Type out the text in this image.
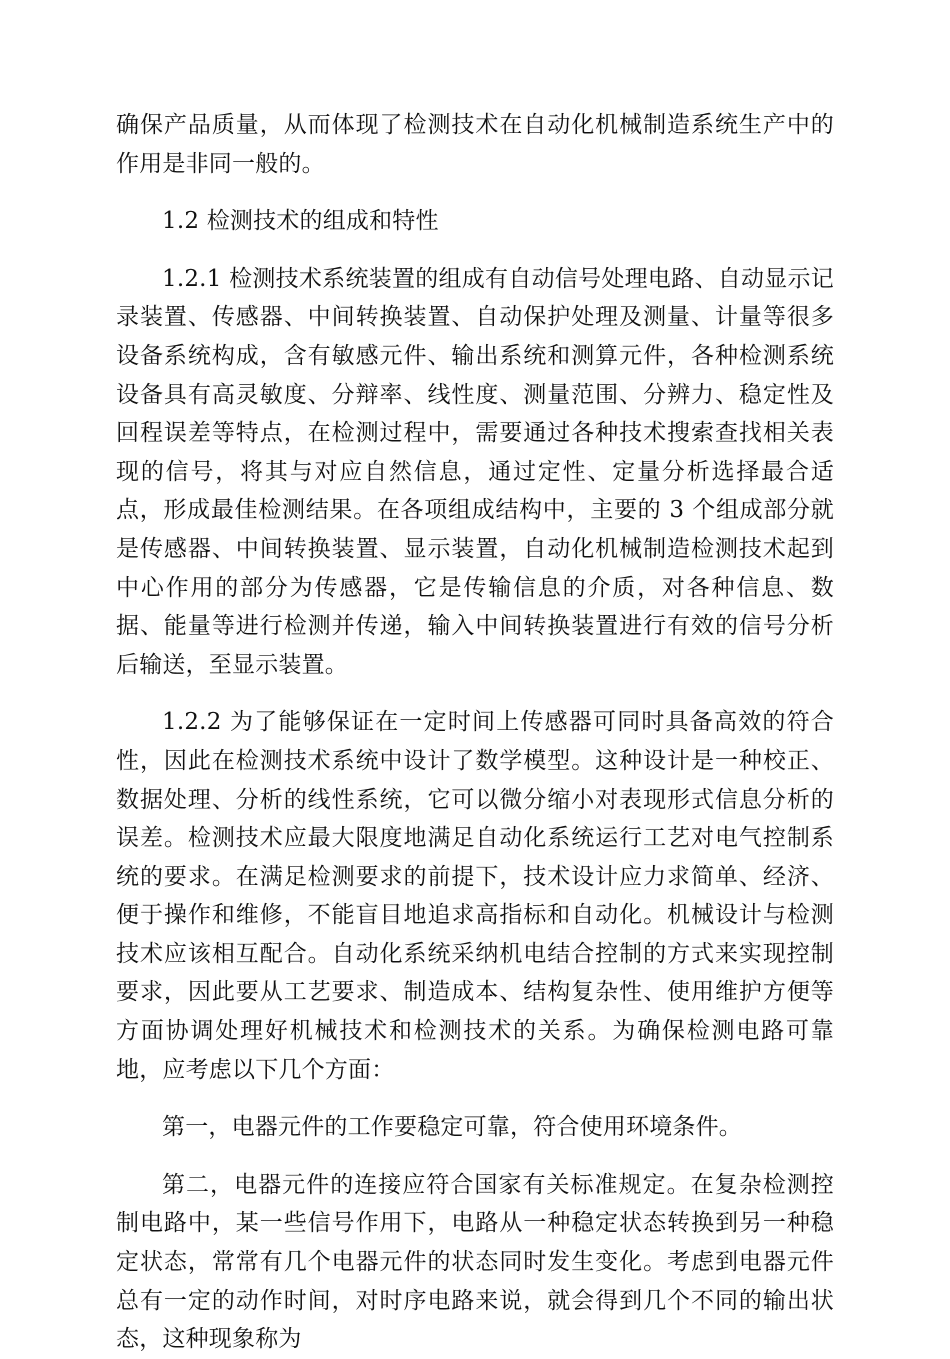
确保产品质量，从而体现了检测技术在自动化机械制造系统生产中的作用是非同一般的。

1.2 检测技术的组成和特性

1.2.1 检测技术系统装置的组成有自动信号处理电路、自动显示记录装置、传感器、中间转换装置、自动保护处理及测量、计量等很多设备系统构成，含有敏感元件、输出系统和测算元件，各种检测系统设备具有高灵敏度、分辩率、线性度、测量范围、分辨力、稳定性及回程误差等特点，在检测过程中，需要通过各种技术搜索查找相关表现的信号，将其与对应自然信息，通过定性、定量分析选择最合适点，形成最佳检测结果。在各项组成结构中，主要的 3 个组成部分就是传感器、中间转换装置、显示装置，自动化机械制造检测技术起到中心作用的部分为传感器，它是传输信息的介质，对各种信息、数据、能量等进行检测并传递，输入中间转换装置进行有效的信号分析后输送，至显示装置。

1.2.2 为了能够保证在一定时间上传感器可同时具备高效的符合性，因此在检测技术系统中设计了数学模型。这种设计是一种校正、数据处理、分析的线性系统，它可以微分缩小对表现形式信息分析的误差。检测技术应最大限度地满足自动化系统运行工艺对电气控制系统的要求。在满足检测要求的前提下，技术设计应力求简单、经济、便于操作和维修，不能盲目地追求高指标和自动化。机械设计与检测技术应该相互配合。自动化系统采纳机电结合控制的方式来实现控制要求，因此要从工艺要求、制造成本、结构复杂性、使用维护方便等方面协调处理好机械技术和检测技术的关系。为确保检测电路可靠地，应考虑以下几个方面：

第一，电器元件的工作要稳定可靠，符合使用环境条件。

第二，电器元件的连接应符合国家有关标准规定。在复杂检测控制电路中，某一些信号作用下，电路从一种稳定状态转换到另一种稳定状态，常常有几个电器元件的状态同时发生变化。考虑到电器元件总有一定的动作时间，对时序电路来说，就会得到几个不同的输出状态，这种现象称为
